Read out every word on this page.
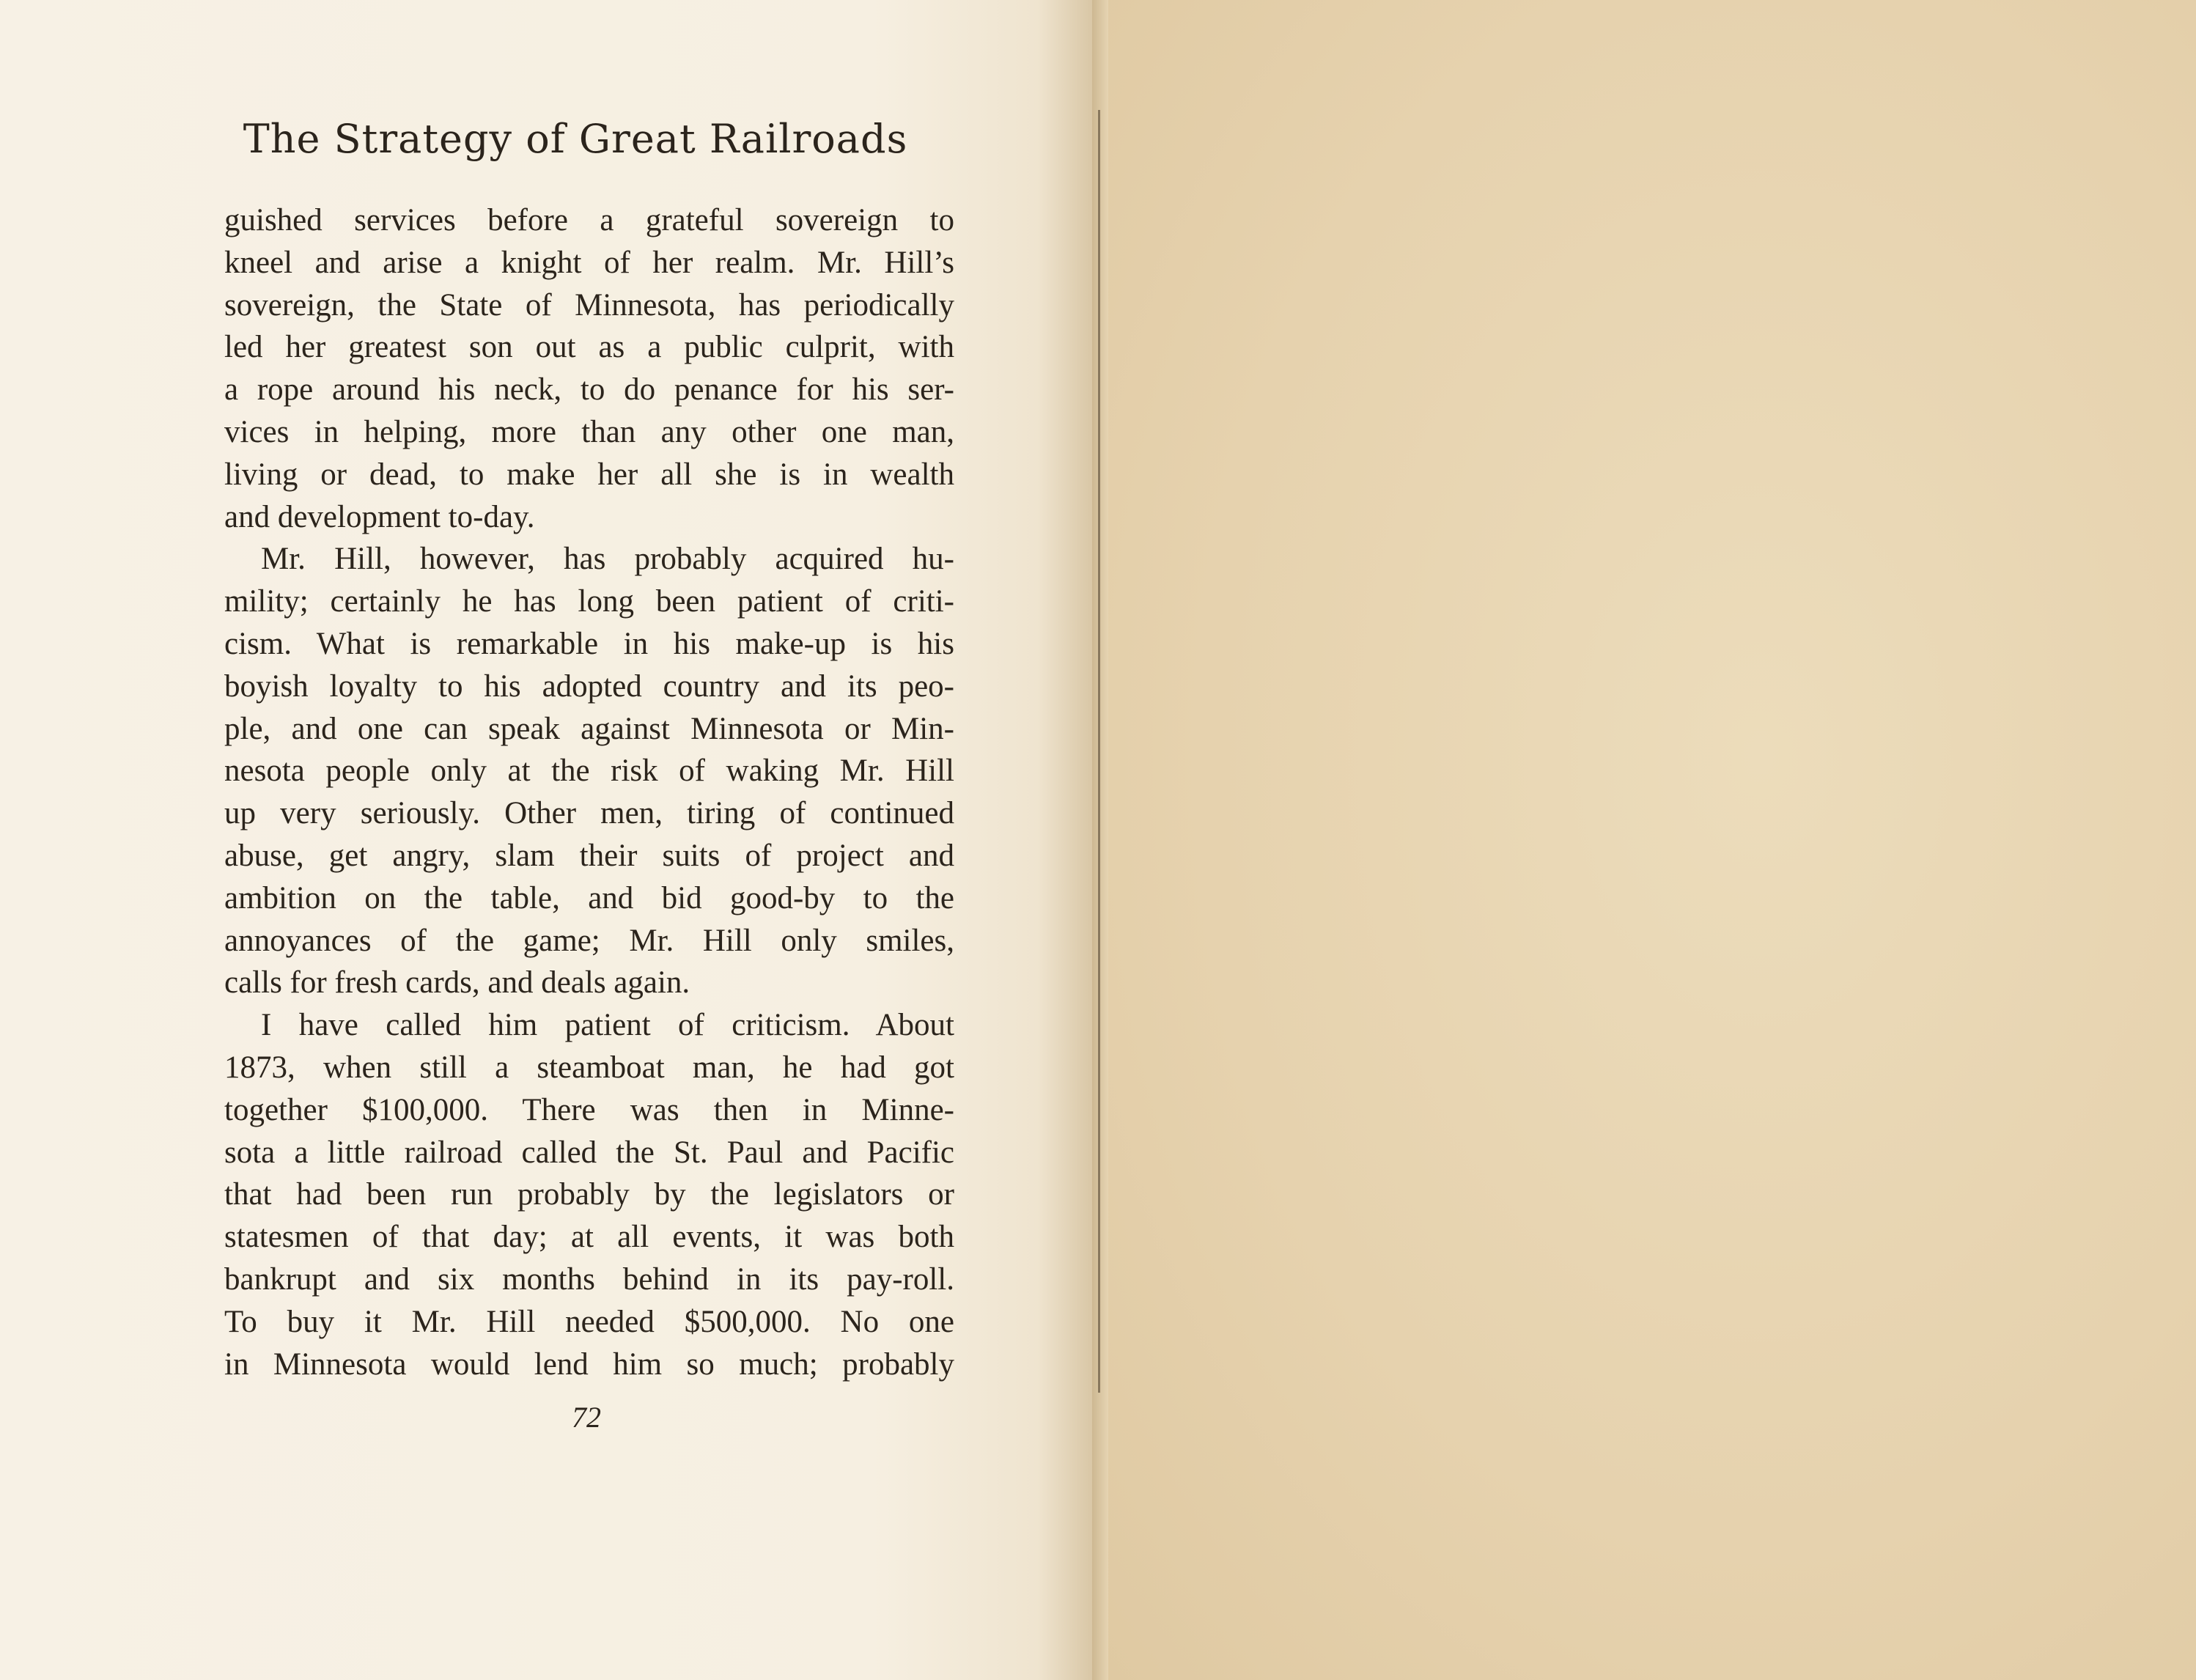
The Strategy of Great Railroads
guished services before a grateful sovereign to
kneel and arise a knight of her realm. Mr. Hill’s
sovereign, the State of Minnesota, has periodically
led her greatest son out as a public culprit, with
a rope around his neck, to do penance for his ser-
vices in helping, more than any other one man,
living or dead, to make her all she is in wealth
and development to-day.
Mr. Hill, however, has probably acquired hu-
mility; certainly he has long been patient of criti-
cism. What is remarkable in his make-up is his
boyish loyalty to his adopted country and its peo-
ple, and one can speak against Minnesota or Min-
nesota people only at the risk of waking Mr. Hill
up very seriously. Other men, tiring of continued
abuse, get angry, slam their suits of project and
ambition on the table, and bid good-by to the
annoyances of the game; Mr. Hill only smiles,
calls for fresh cards, and deals again.
I have called him patient of criticism. About
1873, when still a steamboat man, he had got
together $100,000. There was then in Minne-
sota a little railroad called the St. Paul and Pacific
that had been run probably by the legislators or
statesmen of that day; at all events, it was both
bankrupt and six months behind in its pay-roll.
To buy it Mr. Hill needed $500,000. No one
in Minnesota would lend him so much; probably
72
